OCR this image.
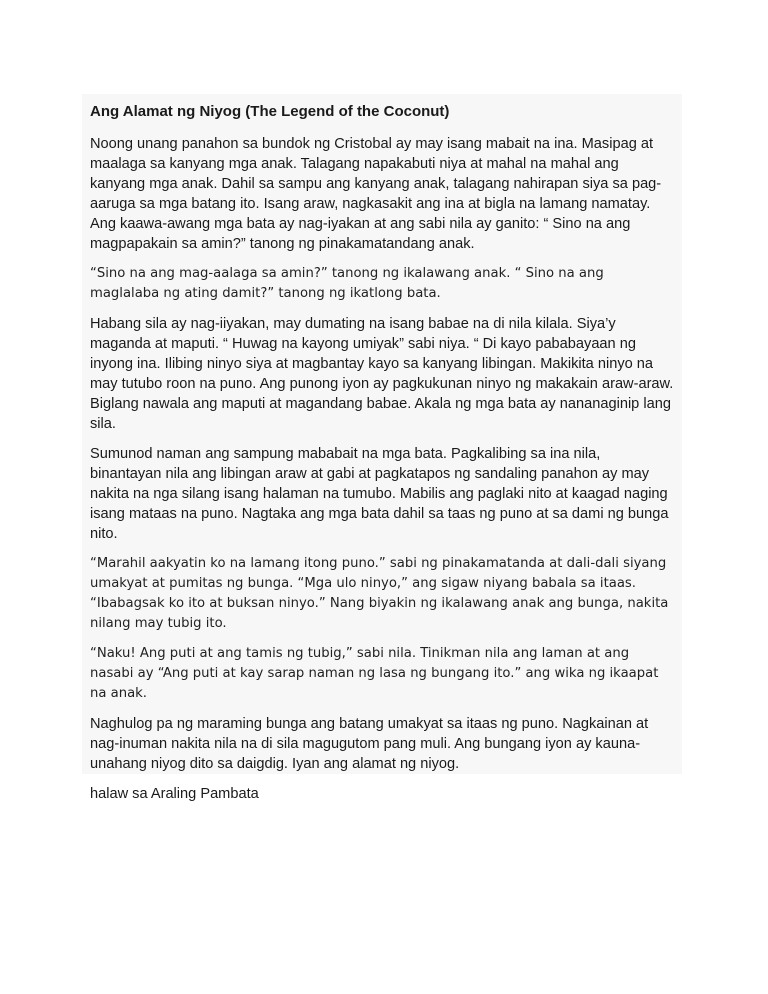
Ang Alamat ng Niyog (The Legend of the Coconut)

Noong unang panahon sa bundok ng Cristobal ay may isang mabait na ina. Masipag at maalaga sa kanyang mga anak. Talagang napakabuti niya at mahal na mahal ang kanyang mga anak. Dahil sa sampu ang kanyang anak, talagang nahirapan siya sa pag-aaruga sa mga batang ito. Isang araw, nagkasakit ang ina at bigla na lamang namatay. Ang kaawa-awang mga bata ay nag-iyakan at ang sabi nila ay ganito: “ Sino na ang magpapakain sa amin?” tanong ng pinakamatandang anak.

“Sino na ang mag-aalaga sa amin?” tanong ng ikalawang anak. “ Sino na ang maglalaba ng ating damit?” tanong ng ikatlong bata.

Habang sila ay nag-iiyakan, may dumating na isang babae na di nila kilala. Siya’y maganda at maputi. “ Huwag na kayong umiyak” sabi niya. “ Di kayo pababayaan ng inyong ina. Ilibing ninyo siya at magbantay kayo sa kanyang libingan. Makikita ninyo na may tutubo roon na puno. Ang punong iyon ay pagkukunan ninyo ng makakain araw-araw. Biglang nawala ang maputi at magandang babae. Akala ng mga bata ay nananaginip lang sila.

Sumunod naman ang sampung mababait na mga bata. Pagkalibing sa ina nila, binantayan nila ang libingan araw at gabi at pagkatapos ng sandaling panahon ay may nakita na nga silang isang halaman na tumubo. Mabilis ang paglaki nito at kaagad naging isang mataas na puno. Nagtaka ang mga bata dahil sa taas ng puno at sa dami ng bunga nito.

“Marahil aakyatin ko na lamang itong puno.” sabi ng pinakamatanda at dali-dali siyang umakyat at pumitas ng bunga. “Mga ulo ninyo,” ang sigaw niyang babala sa itaas. “Ibabagsak ko ito at buksan ninyo.” Nang biyakin ng ikalawang anak ang bunga, nakita nilang may tubig ito.

“Naku! Ang puti at ang tamis ng tubig,” sabi nila. Tinikman nila ang laman at ang nasabi ay “Ang puti at kay sarap naman ng lasa ng bungang ito.” ang wika ng ikaapat na anak.

Naghulog pa ng maraming bunga ang batang umakyat sa itaas ng puno. Nagkainan at nag-inuman nakita nila na di sila magugutom pang muli. Ang bungang iyon ay kauna-unahang niyog dito sa daigdig. Iyan ang alamat ng niyog.

halaw sa Araling Pambata
